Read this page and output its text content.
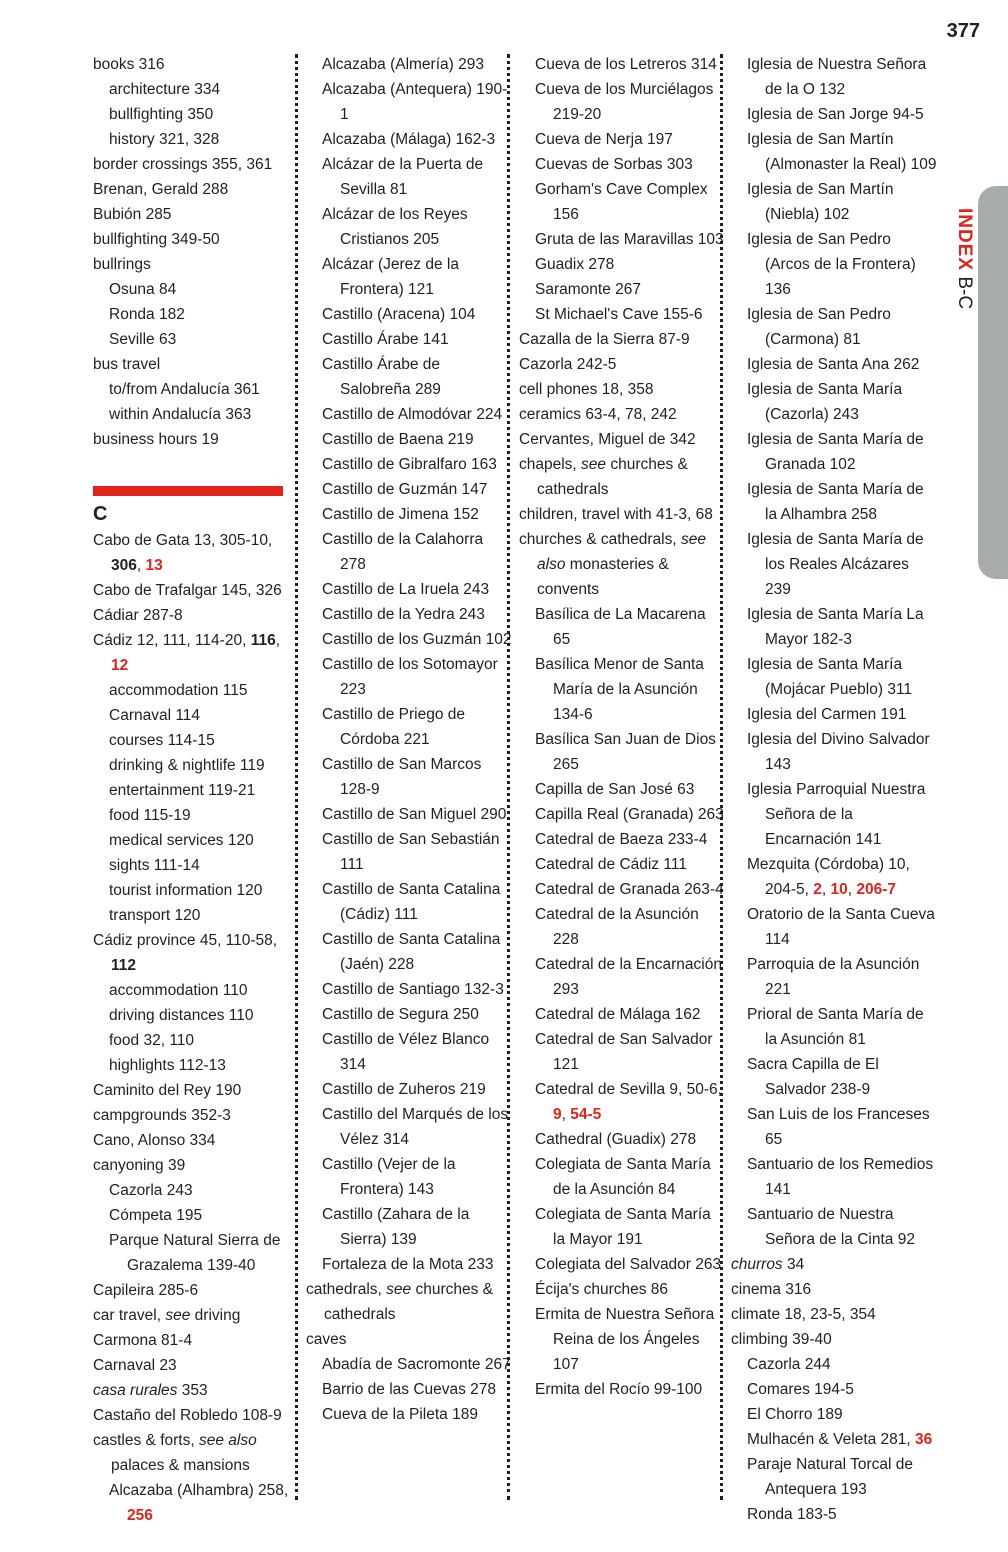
377
INDEX B-C
books 316
architecture 334
bullfighting 350
history 321, 328
border crossings 355, 361
Brenan, Gerald 288
Bubión 285
bullfighting 349-50
bullrings
Osuna 84
Ronda 182
Seville 63
bus travel
to/from Andalucía 361
within Andalucía 363
business hours 19
C
Cabo de Gata 13, 305-10, 306, 13
Cabo de Trafalgar 145, 326
Cádiar 287-8
Cádiz 12, 111, 114-20, 116, 12
accommodation 115
Carnaval 114
courses 114-15
drinking & nightlife 119
entertainment 119-21
food 115-19
medical services 120
sights 111-14
tourist information 120
transport 120
Cádiz province 45, 110-58, 112
accommodation 110
driving distances 110
food 32, 110
highlights 112-13
Caminito del Rey 190
campgrounds 352-3
Cano, Alonso 334
canyoning 39
Cazorla 243
Cómpeta 195
Parque Natural Sierra de Grazalema 139-40
Capileira 285-6
car travel, see driving
Carmona 81-4
Carnaval 23
casa rurales 353
Castaño del Robledo 108-9
castles & forts, see also palaces & mansions
Alcazaba (Alhambra) 258, 256
Alcazaba (Almería) 293
Alcazaba (Antequera) 190-1
Alcazaba (Málaga) 162-3
Alcázar de la Puerta de Sevilla 81
Alcázar de los Reyes Cristianos 205
Alcázar (Jerez de la Frontera) 121
Castillo (Aracena) 104
Castillo Árabe 141
Castillo Árabe de Salobreña 289
Castillo de Almodóvar 224
Castillo de Baena 219
Castillo de Gibralfaro 163
Castillo de Guzmán 147
Castillo de Jimena 152
Castillo de la Calahorra 278
Castillo de La Iruela 243
Castillo de la Yedra 243
Castillo de los Guzmán 102
Castillo de los Sotomayor 223
Castillo de Priego de Córdoba 221
Castillo de San Marcos 128-9
Castillo de San Miguel 290
Castillo de San Sebastián 111
Castillo de Santa Catalina (Cádiz) 111
Castillo de Santa Catalina (Jaén) 228
Castillo de Santiago 132-3
Castillo de Segura 250
Castillo de Vélez Blanco 314
Castillo de Zuheros 219
Castillo del Marqués de los Vélez 314
Castillo (Vejer de la Frontera) 143
Castillo (Zahara de la Sierra) 139
Fortaleza de la Mota 233
cathedrals, see churches & cathedrals
caves
Abadía de Sacromonte 267
Barrio de las Cuevas 278
Cueva de la Pileta 189
Cueva de los Letreros 314
Cueva de los Murciélagos 219-20
Cueva de Nerja 197
Cuevas de Sorbas 303
Gorham's Cave Complex 156
Gruta de las Maravillas 103
Guadix 278
Saramonte 267
St Michael's Cave 155-6
Cazalla de la Sierra 87-9
Cazorla 242-5
cell phones 18, 358
ceramics 63-4, 78, 242
Cervantes, Miguel de 342
chapels, see churches & cathedrals
children, travel with 41-3, 68
churches & cathedrals, see also monasteries & convents
Basílica de La Macarena 65
Basílica Menor de Santa María de la Asunción 134-6
Basílica San Juan de Dios 265
Capilla de San José 63
Capilla Real (Granada) 263
Catedral de Baeza 233-4
Catedral de Cádiz 111
Catedral de Granada 263-4
Catedral de la Asunción 228
Catedral de la Encarnación 293
Catedral de Málaga 162
Catedral de San Salvador 121
Catedral de Sevilla 9, 50-6, 9, 54-5
Cathedral (Guadix) 278
Colegiata de Santa María de la Asunción 84
Colegiata de Santa María la Mayor 191
Colegiata del Salvador 263
Écija's churches 86
Ermita de Nuestra Señora Reina de los Ángeles 107
Ermita del Rocío 99-100
Iglesia de Nuestra Señora de la O 132
Iglesia de San Jorge 94-5
Iglesia de San Martín (Almonaster la Real) 109
Iglesia de San Martín (Niebla) 102
Iglesia de San Pedro (Arcos de la Frontera) 136
Iglesia de San Pedro (Carmona) 81
Iglesia de Santa Ana 262
Iglesia de Santa María (Cazorla) 243
Iglesia de Santa María de Granada 102
Iglesia de Santa María de la Alhambra 258
Iglesia de Santa María de los Reales Alcázares 239
Iglesia de Santa María La Mayor 182-3
Iglesia de Santa María (Mojácar Pueblo) 311
Iglesia del Carmen 191
Iglesia del Divino Salvador 143
Iglesia Parroquial Nuestra Señora de la Encarnación 141
Mezquita (Córdoba) 10, 204-5, 2, 10, 206-7
Oratorio de la Santa Cueva 114
Parroquia de la Asunción 221
Prioral de Santa María de la Asunción 81
Sacra Capilla de El Salvador 238-9
San Luis de los Franceses 65
Santuario de los Remedios 141
Santuario de Nuestra Señora de la Cinta 92
churros 34
cinema 316
climate 18, 23-5, 354
climbing 39-40
Cazorla 244
Comares 194-5
El Chorro 189
Mulhacén & Veleta 281, 36
Paraje Natural Torcal de Antequera 193
Ronda 183-5
